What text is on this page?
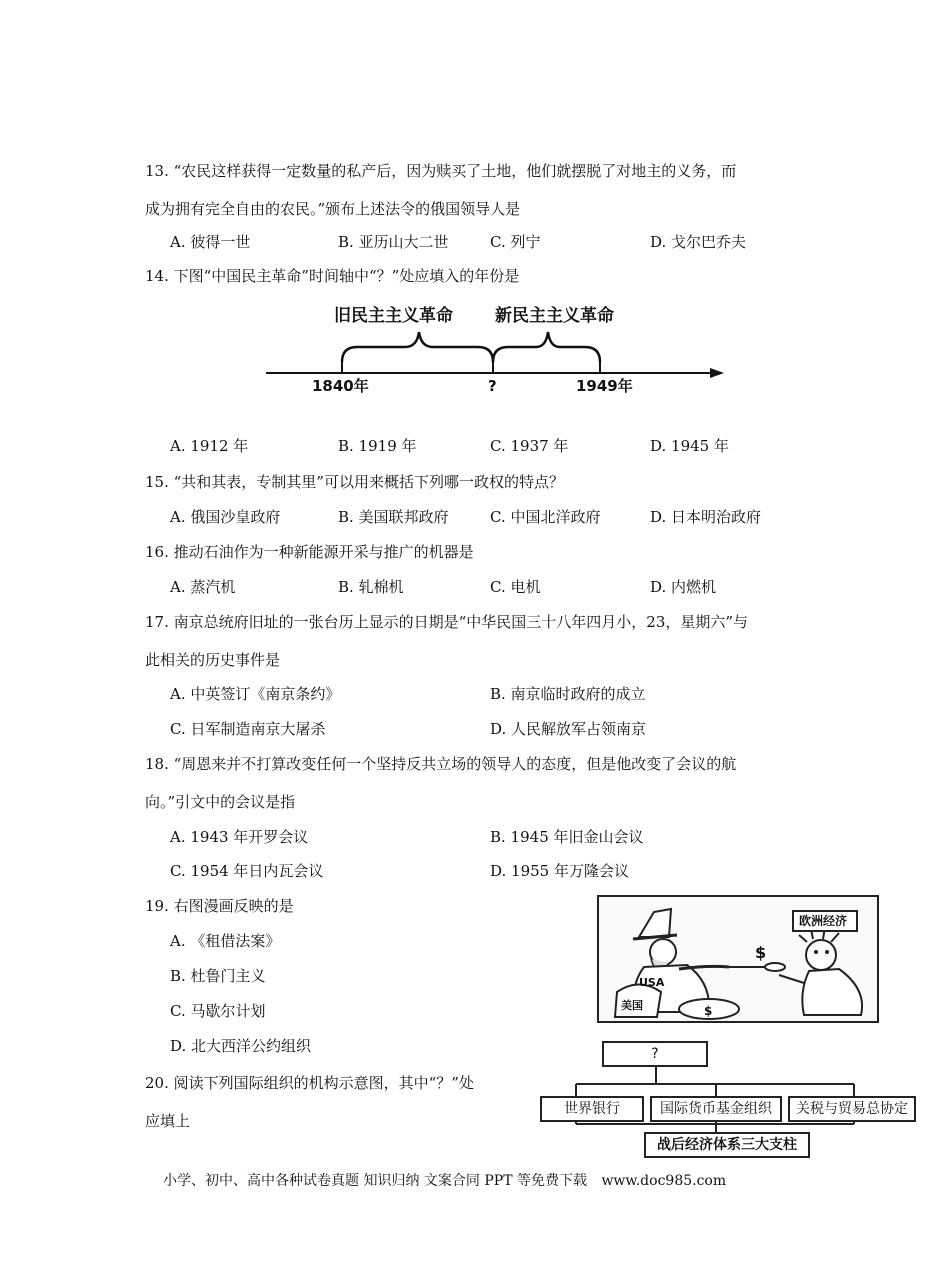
13. “农民这样获得一定数量的私产后，因为赎买了土地，他们就摆脱了对地主的义务，而
成为拥有完全自由的农民。”颁布上述法令的俄国领导人是
A. 彼得一世	B. 亚历山大二世	C. 列宁	D. 戈尔巴乔夫
14. 下图“中国民主革命”时间轴中“？”处应填入的年份是
旧民主主义革命 新民主主义革命
1840年	?	1949年
A. 1912 年	B. 1919 年	C. 1937 年	D. 1945 年
15. “共和其表，专制其里”可以用来概括下列哪一政权的特点？
A. 俄国沙皇政府	B. 美国联邦政府	C. 中国北洋政府	D. 日本明治政府
16. 推动石油作为一种新能源开采与推广的机器是
A. 蒸汽机	B. 轧棉机	C. 电机	D. 内燃机
17. 南京总统府旧址的一张台历上显示的日期是“中华民国三十八年四月小，23，星期六”与
此相关的历史事件是
A. 中英签订《南京条约》	B. 南京临时政府的成立
C. 日军制造南京大屠杀	D. 人民解放军占领南京
18. “周恩来并不打算改变任何一个坚持反共立场的领导人的态度，但是他改变了会议的航
向。”引文中的会议是指
A. 1943 年开罗会议	B. 1945 年旧金山会议
C. 1954 年日内瓦会议	D. 1955 年万隆会议
19. 右图漫画反映的是
A. 《租借法案》
B. 杜鲁门主义
C. 马歇尔计划
D. 北大西洋公约组织
欧洲经济
USA
美国
$
$
20. 阅读下列国际组织的机构示意图，其中“？”处
应填上
?
世界银行	国际货币基金组织	关税与贸易总协定
战后经济体系三大支柱
小学、初中、高中各种试卷真题 知识归纳 文案合同 PPT 等免费下载 www.doc985.com
